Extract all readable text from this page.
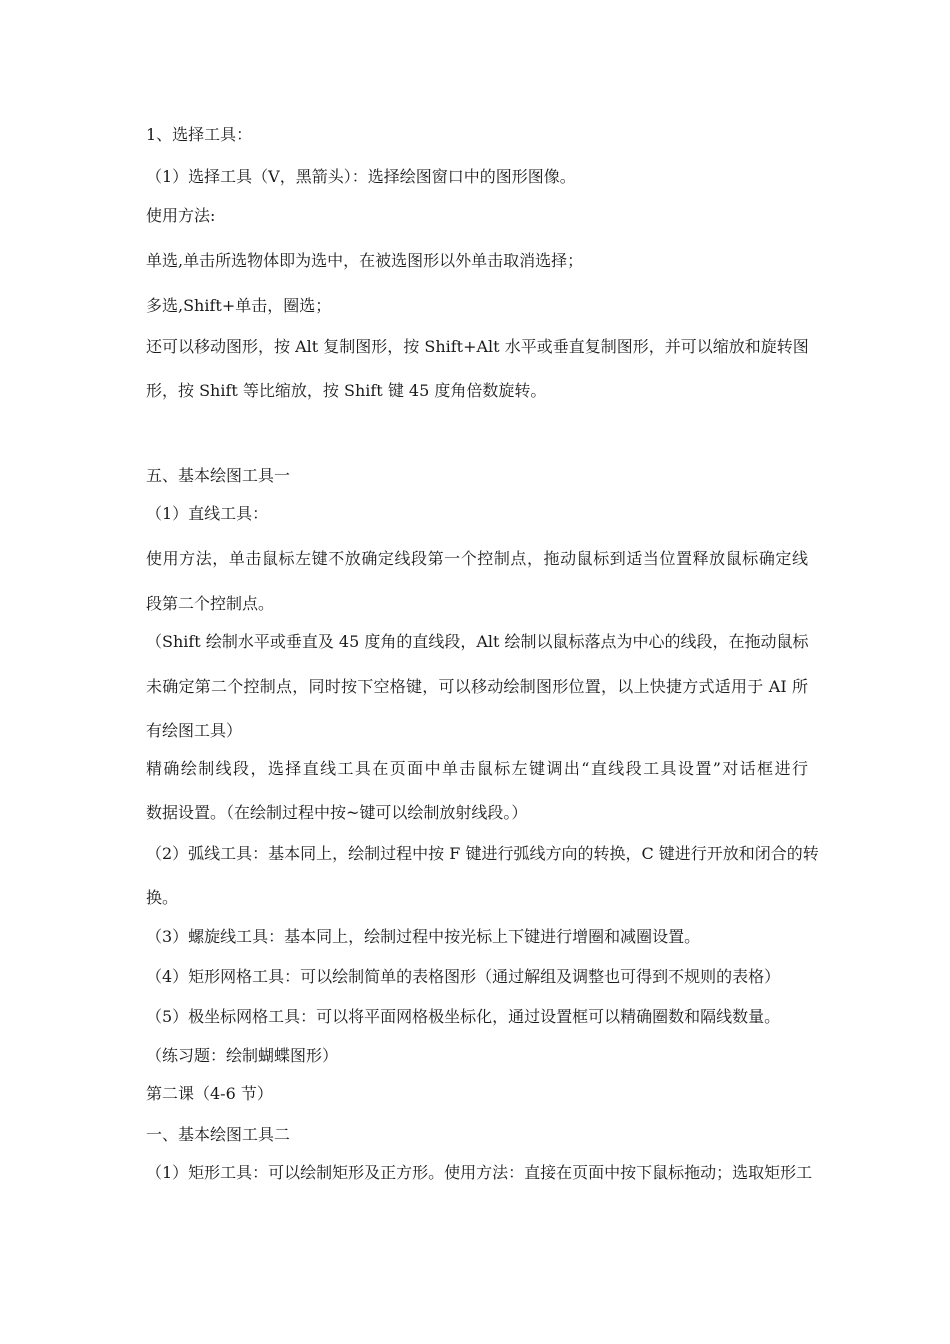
1、选择工具：
（1）选择工具（V，黑箭头）：选择绘图窗口中的图形图像。
使用方法:
单选,单击所选物体即为选中，在被选图形以外单击取消选择；
多选,Shift+单击，圈选；
还可以移动图形，按 Alt 复制图形，按 Shift+Alt 水平或垂直复制图形，并可以缩放和旋转图
形，按 Shift 等比缩放，按 Shift 键 45 度角倍数旋转。
五、基本绘图工具一
（1）直线工具：
使用方法，单击鼠标左键不放确定线段第一个控制点，拖动鼠标到适当位置释放鼠标确定线
段第二个控制点。
（Shift 绘制水平或垂直及 45 度角的直线段，Alt 绘制以鼠标落点为中心的线段，在拖动鼠标
未确定第二个控制点，同时按下空格键，可以移动绘制图形位置，以上快捷方式适用于 AI 所
有绘图工具）
精确绘制线段，选择直线工具在页面中单击鼠标左键调出“直线段工具设置”对话框进行
数据设置。（在绘制过程中按~键可以绘制放射线段。）
（2）弧线工具：基本同上，绘制过程中按 F 键进行弧线方向的转换，C 键进行开放和闭合的转
换。
（3）螺旋线工具：基本同上，绘制过程中按光标上下键进行增圈和减圈设置。
（4）矩形网格工具：可以绘制简单的表格图形（通过解组及调整也可得到不规则的表格）
（5）极坐标网格工具：可以将平面网格极坐标化，通过设置框可以精确圈数和隔线数量。
（练习题：绘制蝴蝶图形）
第二课（4-6 节）
一、基本绘图工具二
（1）矩形工具：可以绘制矩形及正方形。使用方法：直接在页面中按下鼠标拖动；选取矩形工
